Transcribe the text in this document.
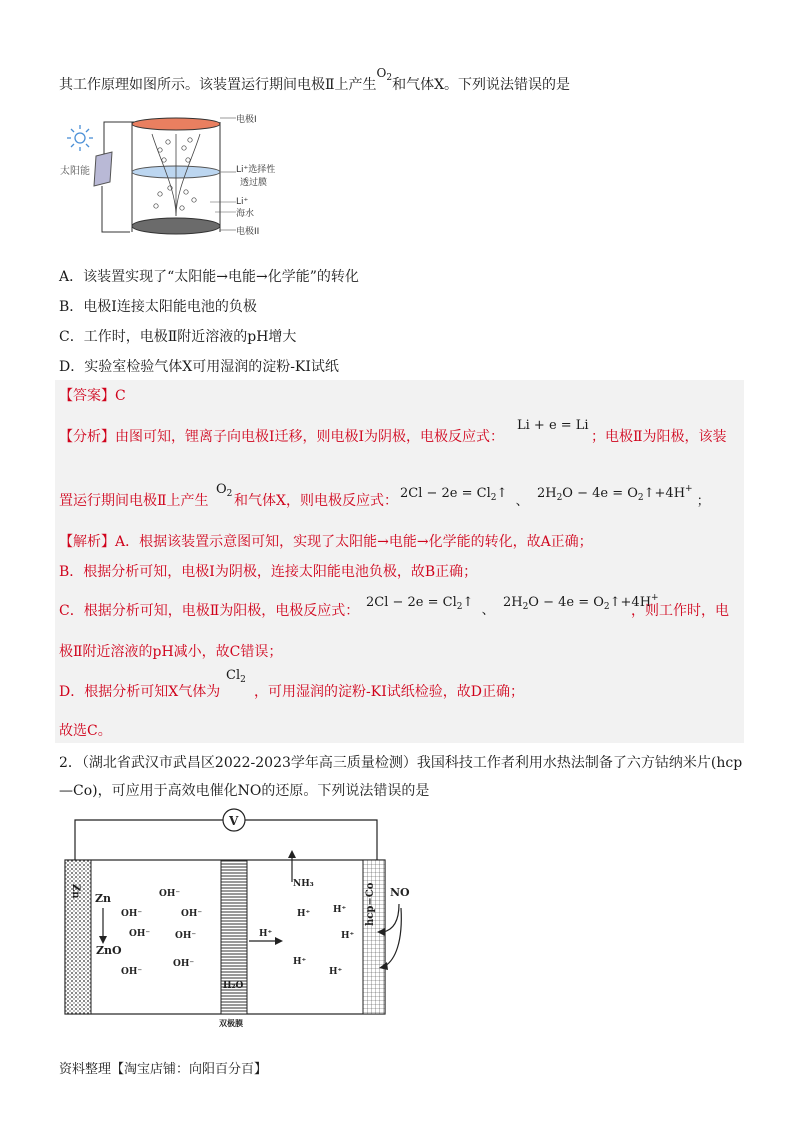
其工作原理如图所示。该装置运行期间电极Ⅱ上产生$O_2$和气体X。下列说法错误的是
太阳能
电极I
Li⁺选择性
透过膜
Li⁺
海水
电极II
A．该装置实现了“太阳能→电能→化学能”的转化
B．电极Ⅰ连接太阳能电池的负极
C．工作时，电极Ⅱ附近溶液的pH增大
D．实验室检验气体X可用湿润的淀粉-KI试纸
【答案】C
【分析】由图可知，锂离子向电极Ⅰ迁移，则电极Ⅰ为阴极，电极反应式：
Li + e = Li
；电极Ⅱ为阳极，该装
置运行期间电极Ⅱ上产生
$O_2$ 和气体X，则电极反应式： $2Cl - 2e = Cl_2↑$  、  $2H_2O - 4e$ = $O_2↑+4H^+$ ；
【解析】A．根据该装置示意图可知，实现了太阳能→电能→化学能的转化，故A正确；
B．根据分析可知，电极Ⅰ为阴极，连接太阳能电池负极，故B正确；
C．根据分析可知，电极Ⅱ为阳极，电极反应式：
$2Cl - 2e = Cl_2↑$  、  $2H_2O - 4e$ = $O_2↑+4H^+$
，则工作时，电
极Ⅱ附近溶液的pH减小，故C错误；
D．根据分析可知X气体为
$Cl_2$
，可用湿润的淀粉-KI试纸检验，故D正确；
故选C。
2．（湖北省武汉市武昌区2022-2023学年高三质量检测）我国科技工作者利用水热法制备了六方钴纳米片(hcp
—Co)，可应用于高效电催化NO的还原。下列说法错误的是
V
Zn	hcp−Co
Zn
ZnO
OH⁻
OH⁻	OH⁻
OH⁻	OH⁻
OH⁻
OH⁻
NH₃
H⁺
H⁺	H⁺
H⁺
H⁺
H⁺
H₂O
NO
双极膜
资料整理【淘宝店铺：向阳百分百】
